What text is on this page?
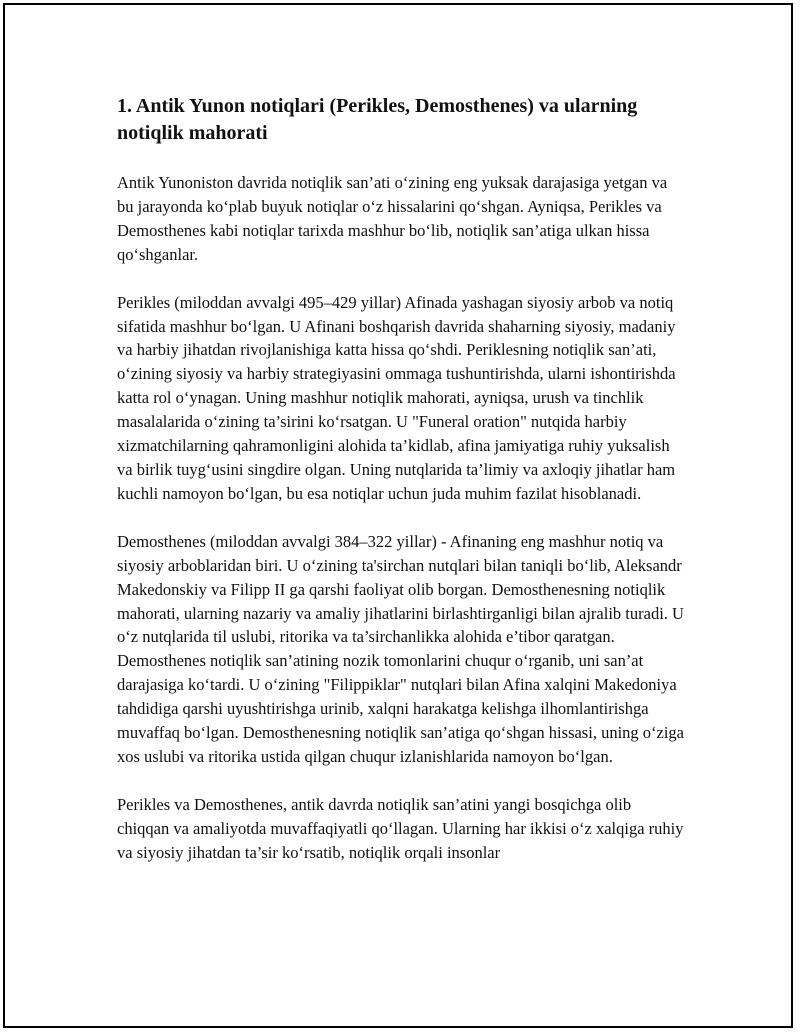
1. Antik Yunon notiqlari (Perikles, Demosthenes) va ularning notiqlik mahorati

Antik Yunoniston davrida notiqlik san’ati o‘zining eng yuksak darajasiga yetgan va bu jarayonda ko‘plab buyuk notiqlar o‘z hissalarini qo‘shgan. Ayniqsa, Perikles va Demosthenes kabi notiqlar tarixda mashhur bo‘lib, notiqlik san’atiga ulkan hissa qo‘shganlar.

Perikles (miloddan avvalgi 495–429 yillar) Afinada yashagan siyosiy arbob va notiq sifatida mashhur bo‘lgan. U Afinani boshqarish davrida shaharning siyosiy, madaniy va harbiy jihatdan rivojlanishiga katta hissa qo‘shdi. Periklesning notiqlik san’ati, o‘zining siyosiy va harbiy strategiyasini ommaga tushuntirishda, ularni ishontirishda katta rol o‘ynagan. Uning mashhur notiqlik mahorati, ayniqsa, urush va tinchlik masalalarida o‘zining ta’sirini ko‘rsatgan. U "Funeral oration" nutqida harbiy xizmatchilarning qahramonligini alohida ta’kidlab, afina jamiyatiga ruhiy yuksalish va birlik tuyg‘usini singdire olgan. Uning nutqlarida ta’limiy va axloqiy jihatlar ham kuchli namoyon bo‘lgan, bu esa notiqlar uchun juda muhim fazilat hisoblanadi.

Demosthenes (miloddan avvalgi 384–322 yillar) - Afinaning eng mashhur notiq va siyosiy arboblaridan biri. U o‘zining ta'sirchan nutqlari bilan taniqli bo‘lib, Aleksandr Makedonskiy va Filipp II ga qarshi faoliyat olib borgan. Demosthenesning notiqlik mahorati, ularning nazariy va amaliy jihatlarini birlashtirganligi bilan ajralib turadi. U o‘z nutqlarida til uslubi, ritorika va ta’sirchanlikka alohida e’tibor qaratgan. Demosthenes notiqlik san’atining nozik tomonlarini chuqur o‘rganib, uni san’at darajasiga ko‘tardi. U o‘zining "Filippiklar" nutqlari bilan Afina xalqini Makedoniya tahdidiga qarshi uyushtirishga urinib, xalqni harakatga kelishga ilhomlantirishga muvaffaq bo‘lgan. Demosthenesning notiqlik san’atiga qo‘shgan hissasi, uning o‘ziga xos uslubi va ritorika ustida qilgan chuqur izlanishlarida namoyon bo‘lgan.

Perikles va Demosthenes, antik davrda notiqlik san’atini yangi bosqichga olib chiqqan va amaliyotda muvaffaqiyatli qo‘llagan. Ularning har ikkisi o‘z xalqiga ruhiy va siyosiy jihatdan ta’sir ko‘rsatib, notiqlik orqali insonlar
